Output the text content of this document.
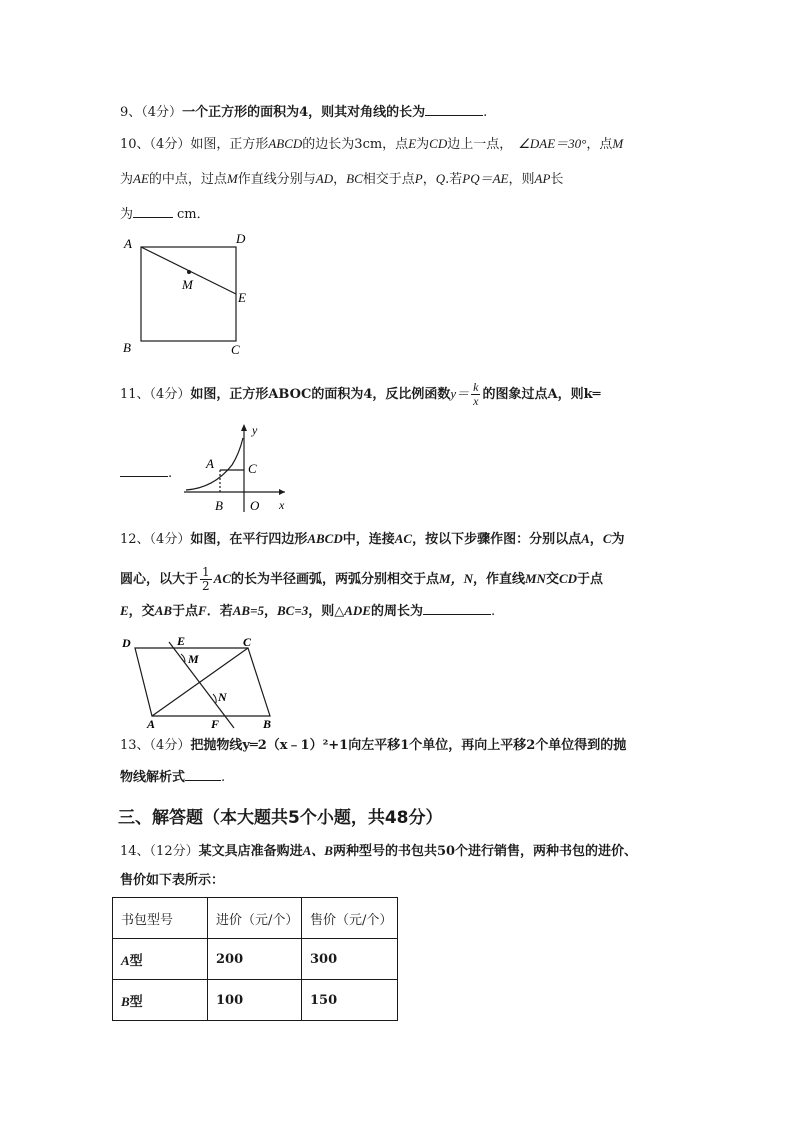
9、（4分）一个正方形的面积为4，则其对角线的长为	.
10、（4分）如图，正方形ABCD的边长为3cm，点E为CD边上一点， ∠DAE＝30°，点M
为AE的中点，过点M作直线分别与AD，BC相交于点P，Q.若PQ＝AE，则AP长
为	cm．
A	D
M
E
B	C
11、（4分）如图，正方形ABOC的面积为4，反比例函数$y= \frac{k}{x}$ 的图象过点A，则k═
.
y
x
A	C
B O
12、（4分）如图，在平行四边形ABCD中，连接AC，按以下步骤作图：分别以点A，C为
圆心，以大于 $\frac{1}{2}$ AC的长为半径画弧，两弧分别相交于点M，N，作直线MN交CD于点
E，交AB于点F．若AB=5，BC=3，则△ADE的周长为	.
D	E	C
M
N
A	F	B
13、（4分）把抛物线y═2（x﹣1）²+1向左平移1个单位，再向上平移2个单位得到的抛
物线解析式	.
三、解答题（本大题共5个小题，共48分）
14、（12分）某文具店准备购进A、B两种型号的书包共50个进行销售，两种书包的进价、
售价如下表所示：
书包型号	进价（元/个）	售价（元/个）
A型	200	300
B型	100	150
